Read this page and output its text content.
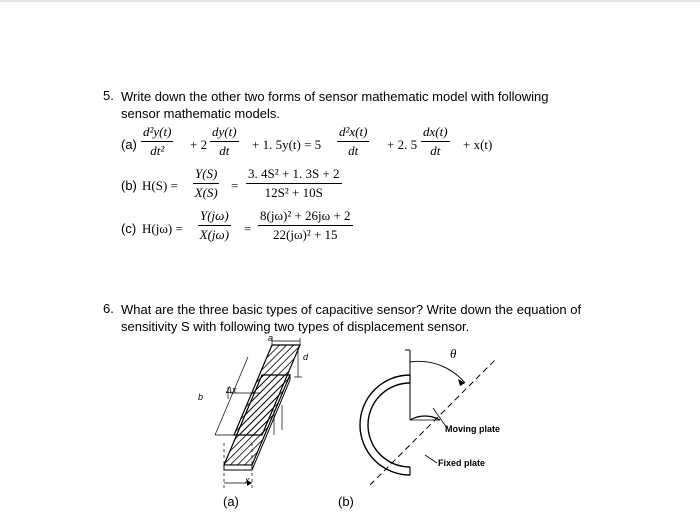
5. Write down the other two forms of sensor mathematic model with following
sensor mathematic models.
$(a) \frac{\text{d²y(t)}}{\text{dt²}} + 2 \frac{dy(t)}{dt} + 1$. $5y(t) = 5 \frac{\text{d²x(t)}}{dt} + 2$. $5 \frac{dx(t)}{dt} + x(t)$
(b) $H(S) = \frac{Y(S)}{X(S)} = \frac{\text{3. 4S² + 1. 3S + 2}}{\text{12S² + 10S}}$
(c) $H(j\omega) = \frac{Y(j\omega)}{X(j\omega)} = \frac{\text{8(jω)² + 26jω + 2}}{\text{22(jω)² + 15}}$
6. What are the three basic types of capacitive sensor? Write down the equation of
sensitivity S with following two types of displacement sensor.
a
d
b
Δx
x
(a)
θ
Moving plate
Fixed plate
(b)
